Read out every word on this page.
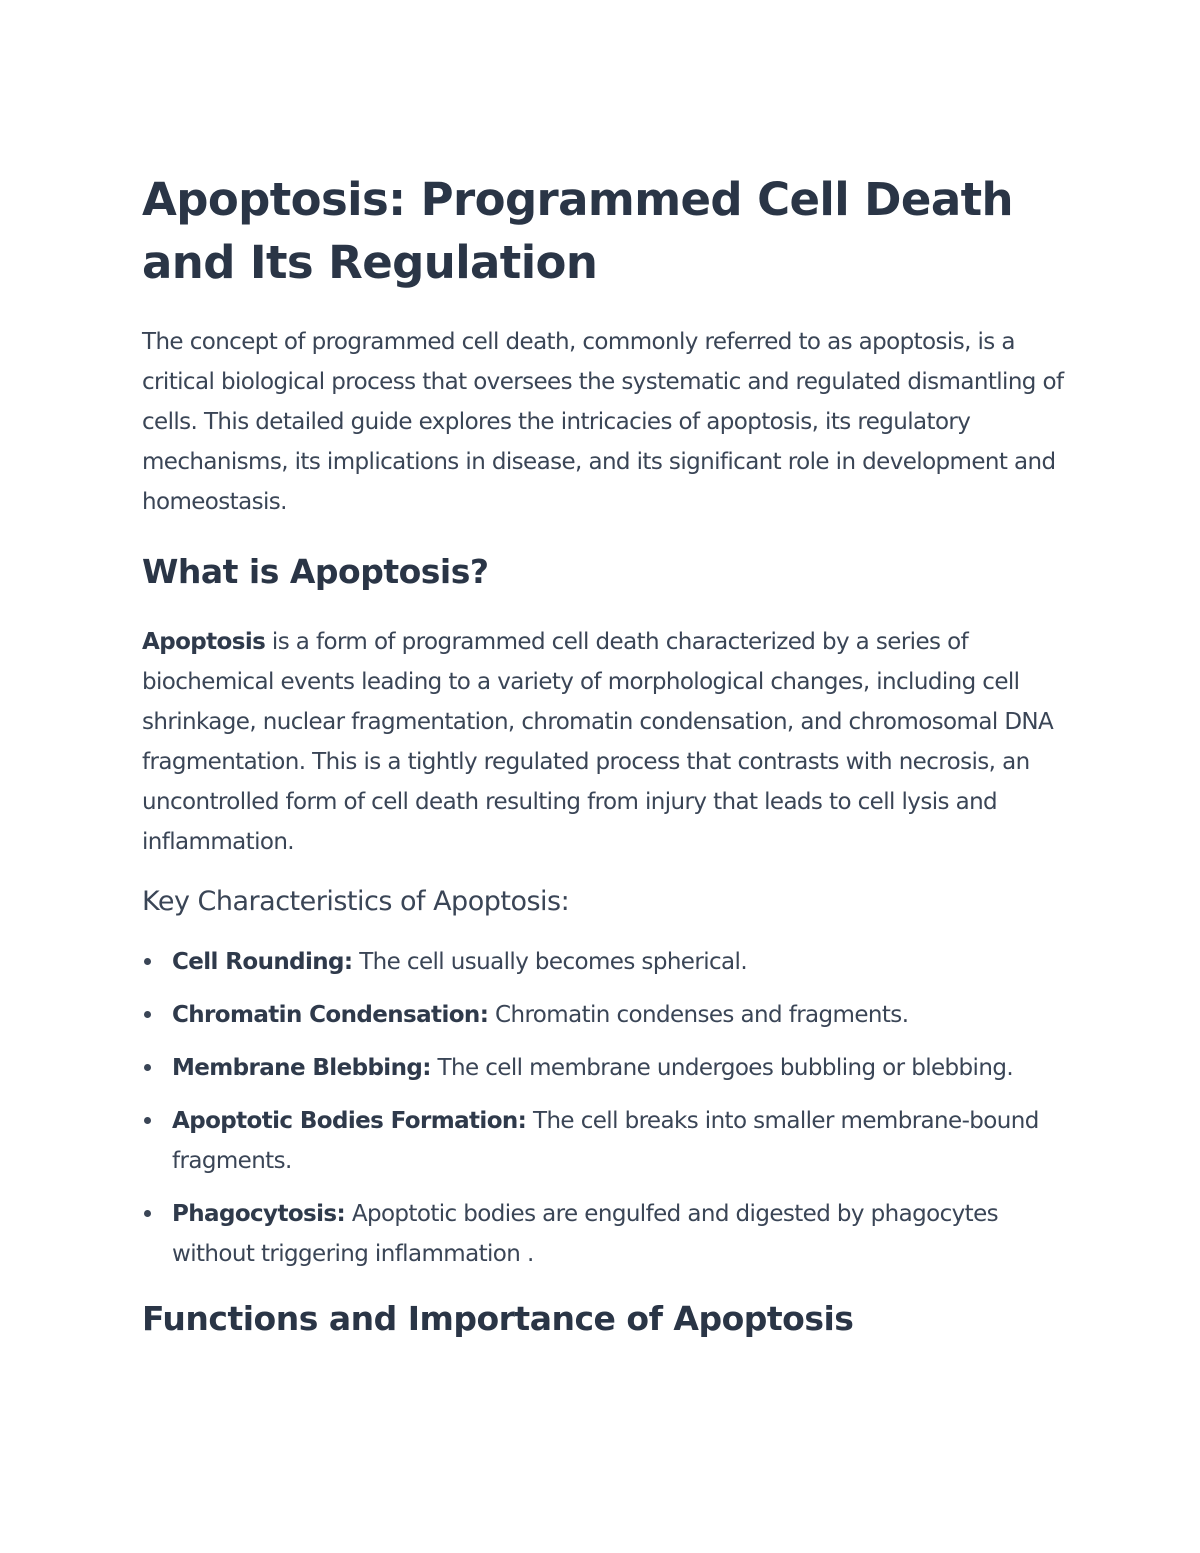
Apoptosis: Programmed Cell Death and Its Regulation

The concept of programmed cell death, commonly referred to as apoptosis, is a critical biological process that oversees the systematic and regulated dismantling of cells. This detailed guide explores the intricacies of apoptosis, its regulatory mechanisms, its implications in disease, and its significant role in development and homeostasis.

What is Apoptosis?

Apoptosis is a form of programmed cell death characterized by a series of biochemical events leading to a variety of morphological changes, including cell shrinkage, nuclear fragmentation, chromatin condensation, and chromosomal DNA fragmentation. This is a tightly regulated process that contrasts with necrosis, an uncontrolled form of cell death resulting from injury that leads to cell lysis and inflammation.

Key Characteristics of Apoptosis:
Cell Rounding: The cell usually becomes spherical.
Chromatin Condensation: Chromatin condenses and fragments.
Membrane Blebbing: The cell membrane undergoes bubbling or blebbing.
Apoptotic Bodies Formation: The cell breaks into smaller membrane-bound fragments.
Phagocytosis: Apoptotic bodies are engulfed and digested by phagocytes without triggering inflammation .
Functions and Importance of Apoptosis
